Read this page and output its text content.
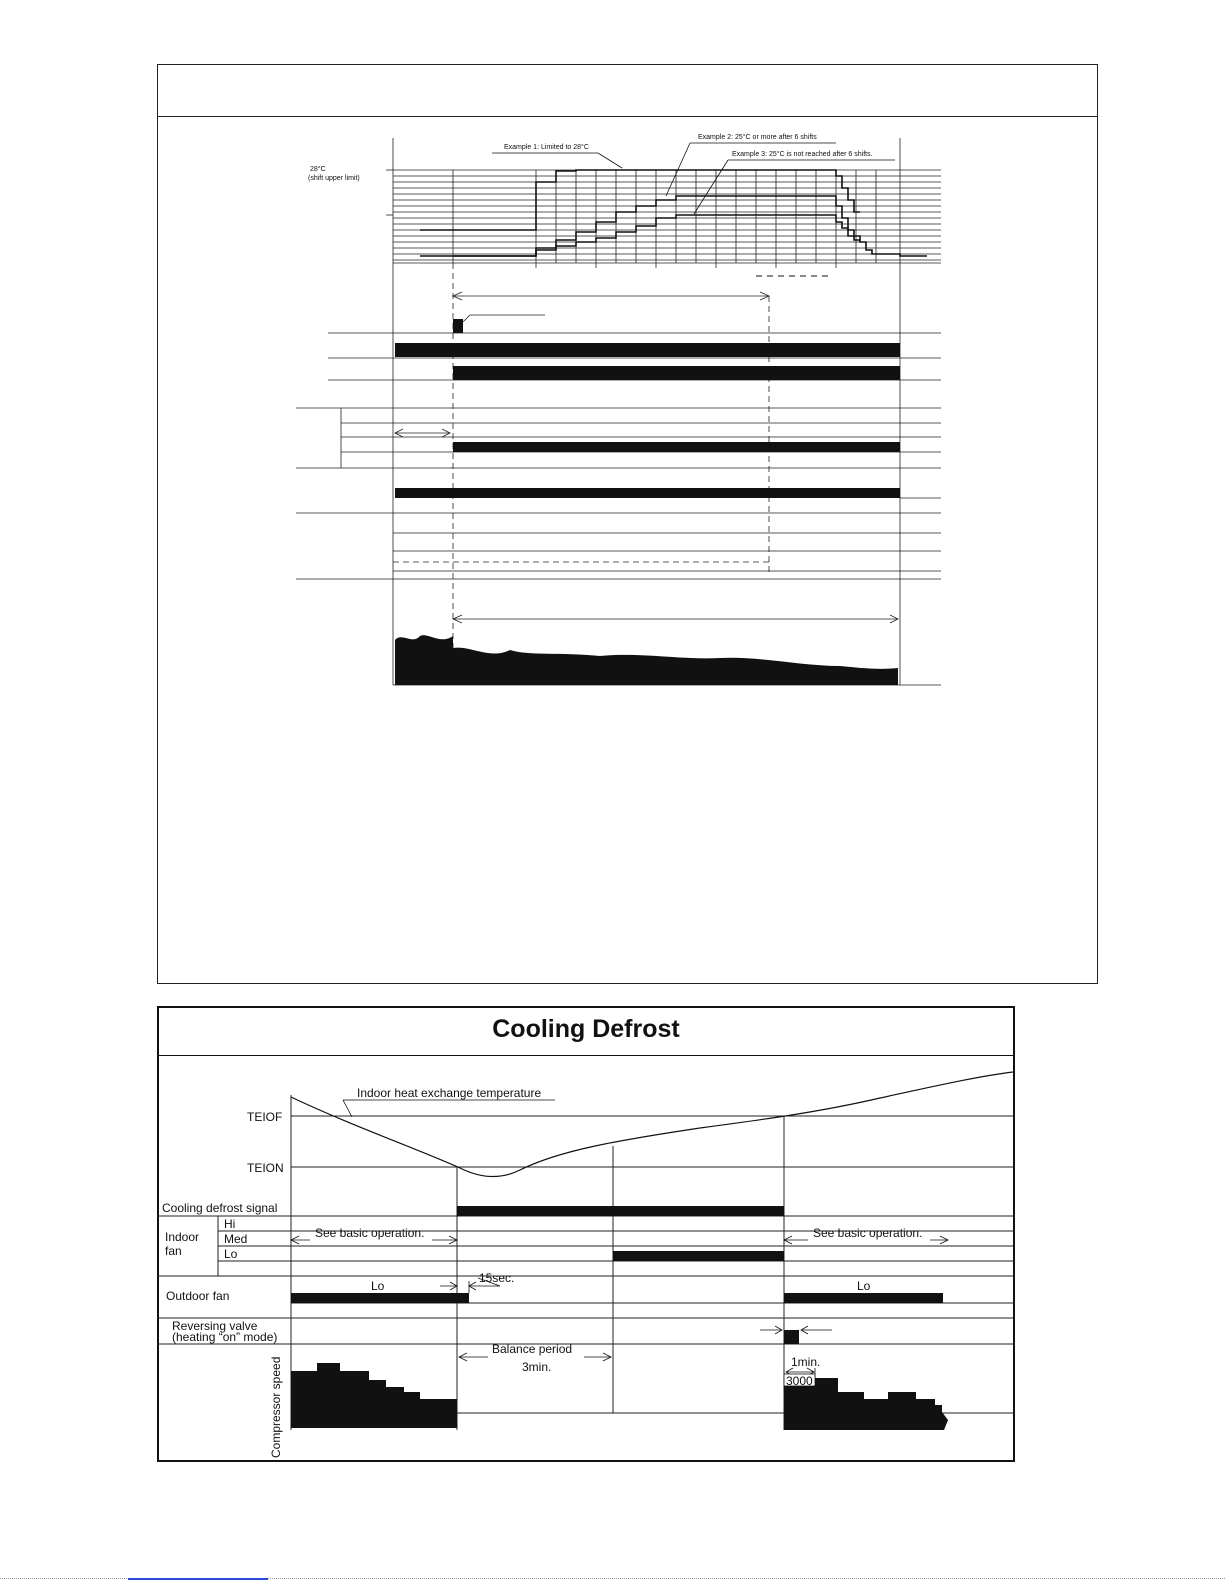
28°C
(shift upper limit)
Example 1: Limited to 28°C
Example 2: 25°C or more after 6 shifts
Example 3: 25°C is not reached after 6 shifts.
Cooling Defrost
Indoor heat exchange temperature
TEIOF
TEION
Cooling defrost signal
Indoor
fan
Hi
Med
Lo
See basic operation.	See basic operation.
Outdoor fan
Lo	Lo
15sec.
Reversing valve
(heating “on” mode)
Balance period
3min.
Compressor speed	1min.
3000
